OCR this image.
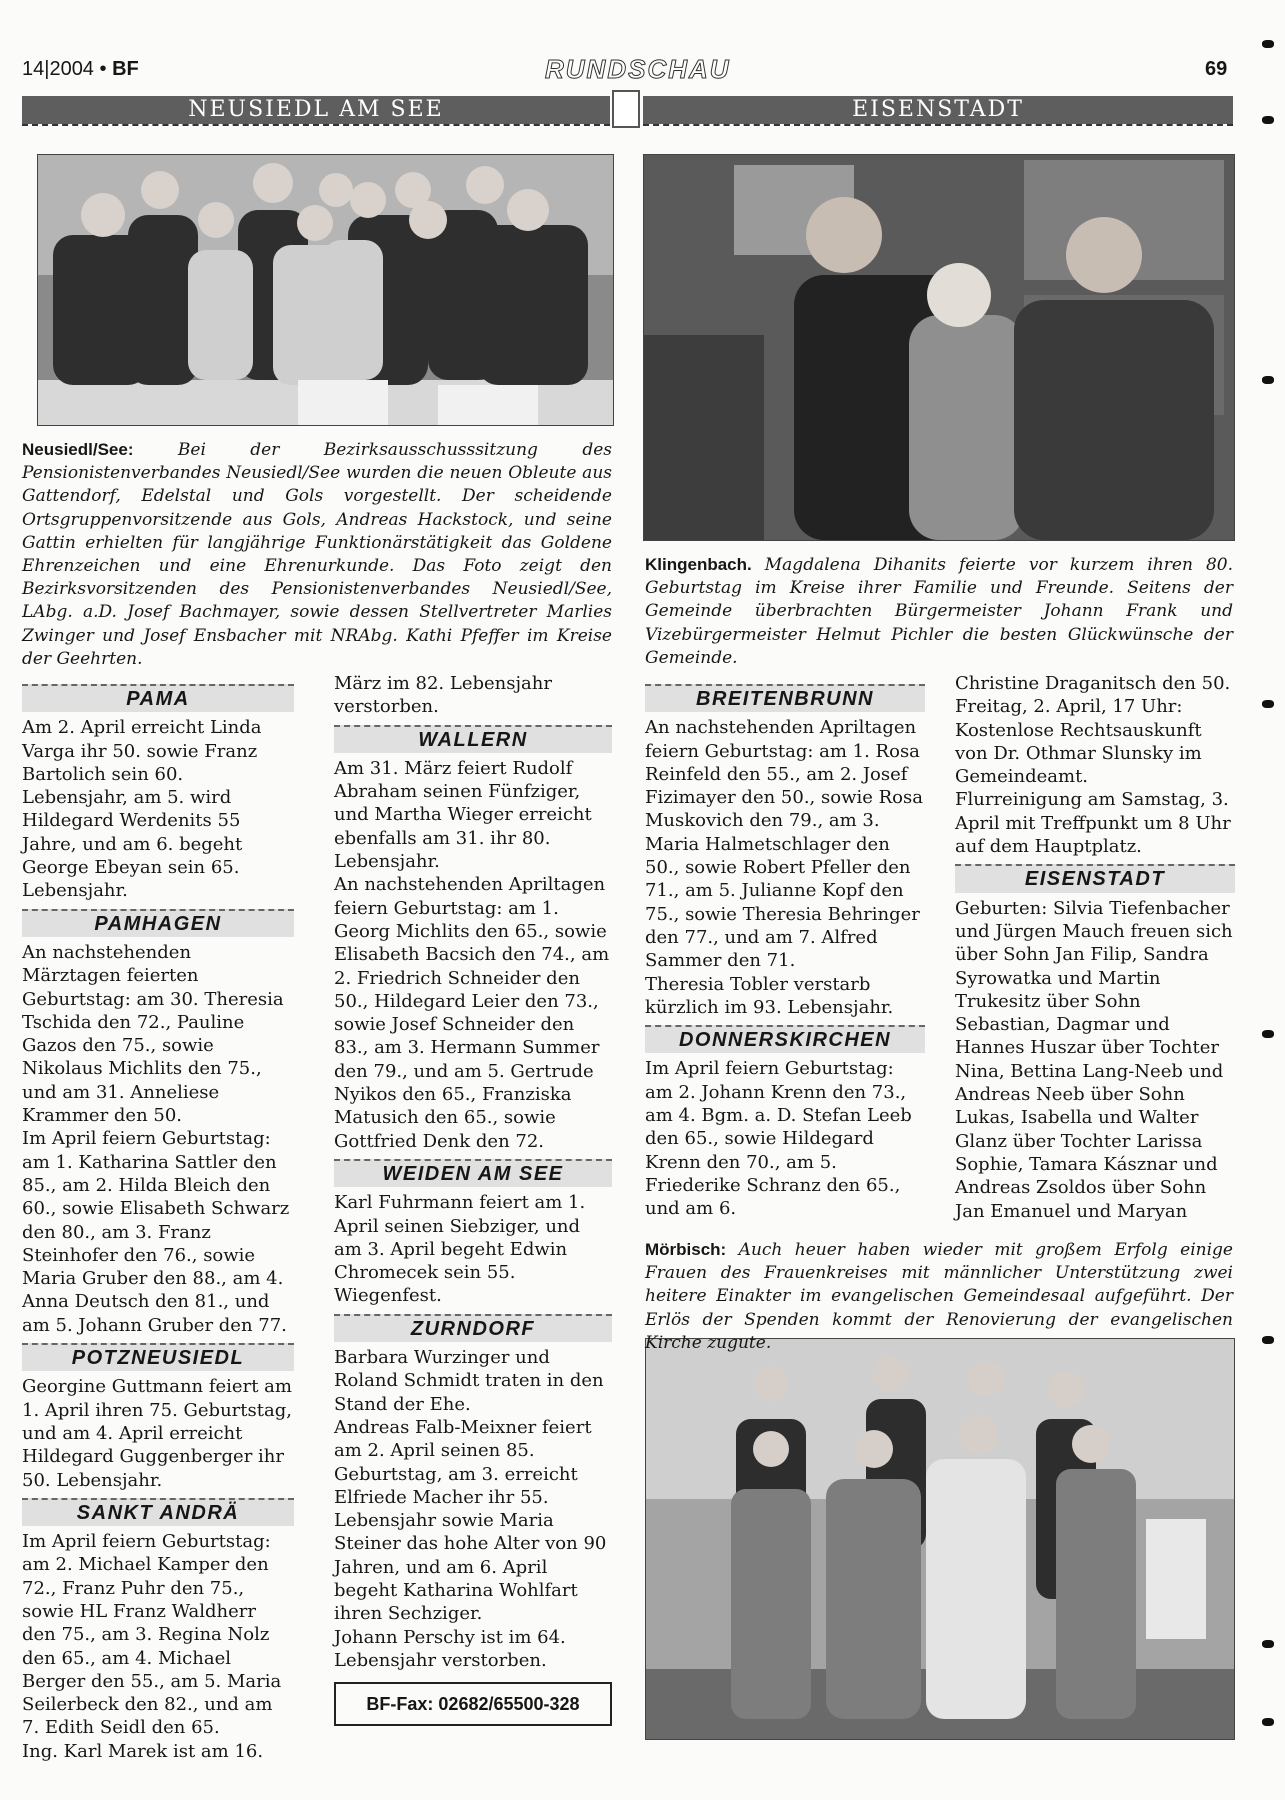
14|2004 • BF	RUNDSCHAU	69
NEUSIEDL AM SEE	EISENSTADT
Neusiedl/See: Bei der Bezirksausschusssitzung des Pensionistenverbandes Neusiedl/See wurden die neuen Obleute aus Gattendorf, Edelstal und Gols vorgestellt. Der scheidende Ortsgruppenvorsitzende aus Gols, Andreas Hackstock, und seine Gattin erhielten für langjährige Funktionärstätigkeit das Goldene Ehrenzeichen und eine Ehrenurkunde. Das Foto zeigt den Bezirksvorsitzenden des Pensionistenverbandes Neusiedl/See, LAbg. a.D. Josef Bachmayer, sowie dessen Stellvertreter Marlies Zwinger und Josef Ensbacher mit NRAbg. Kathi Pfeffer im Kreise der Geehrten.
Klingenbach. Magdalena Dihanits feierte vor kurzem ihren 80. Geburtstag im Kreise ihrer Familie und Freunde. Seitens der Gemeinde überbrachten Bürgermeister Johann Frank und Vizebürgermeister Helmut Pichler die besten Glückwünsche der Gemeinde.
Mörbisch: Auch heuer haben wieder mit großem Erfolg einige Frauen des Frauenkreises mit männlicher Unterstützung zwei heitere Einakter im evangelischen Gemeindesaal aufgeführt. Der Erlös der Spenden kommt der Renovierung der evangelischen Kirche zugute.
PAMA

Am 2. April erreicht Linda Varga ihr 50. sowie Franz Bartolich sein 60. Lebensjahr, am 5. wird Hildegard Werdenits 55 Jahre, und am 6. begeht George Ebeyan sein 65. Lebensjahr.

PAMHAGEN

An nachstehenden Märztagen feierten Geburtstag: am 30. Theresia Tschida den 72., Pauline Gazos den 75., sowie Nikolaus Michlits den 75., und am 31. Anneliese Krammer den 50.

Im April feiern Geburtstag: am 1. Katharina Sattler den 85., am 2. Hilda Bleich den 60., sowie Elisabeth Schwarz den 80., am 3. Franz Steinhofer den 76., sowie Maria Gruber den 88., am 4. Anna Deutsch den 81., und am 5. Johann Gruber den 77.

POTZNEUSIEDL

Georgine Guttmann feiert am 1. April ihren 75. Geburtstag, und am 4. April erreicht Hildegard Guggenberger ihr 50. Lebensjahr.

SANKT ANDRÄ

Im April feiern Geburtstag: am 2. Michael Kamper den 72., Franz Puhr den 75., sowie HL Franz Waldherr den 75., am 3. Regina Nolz den 65., am 4. Michael Berger den 55., am 5. Maria Seilerbeck den 82., und am 7. Edith Seidl den 65.

Ing. Karl Marek ist am 16.

März im 82. Lebensjahr verstorben.

WALLERN

Am 31. März feiert Rudolf Abraham seinen Fünfziger, und Martha Wieger erreicht ebenfalls am 31. ihr 80. Lebensjahr.

An nachstehenden Apriltagen feiern Geburtstag: am 1. Georg Michlits den 65., sowie Elisabeth Bacsich den 74., am 2. Friedrich Schneider den 50., Hildegard Leier den 73., sowie Josef Schneider den 83., am 3. Hermann Summer den 79., und am 5. Gertrude Nyikos den 65., Franziska Matusich den 65., sowie Gottfried Denk den 72.

WEIDEN AM SEE

Karl Fuhrmann feiert am 1. April seinen Siebziger, und am 3. April begeht Edwin Chromecek sein 55. Wiegenfest.

ZURNDORF

Barbara Wurzinger und Roland Schmidt traten in den Stand der Ehe.

Andreas Falb-Meixner feiert am 2. April seinen 85. Geburtstag, am 3. erreicht Elfriede Macher ihr 55. Lebensjahr sowie Maria Steiner das hohe Alter von 90 Jahren, und am 6. April begeht Katharina Wohlfart ihren Sechziger.

Johann Perschy ist im 64. Lebensjahr verstorben.

BF-Fax: 02682/65500-328
BREITENBRUNN

An nachstehenden Apriltagen feiern Geburtstag: am 1. Rosa Reinfeld den 55., am 2. Josef Fizimayer den 50., sowie Rosa Muskovich den 79., am 3. Maria Halmetschlager den 50., sowie Robert Pfeller den 71., am 5. Julianne Kopf den 75., sowie Theresia Behringer den 77., und am 7. Alfred Sammer den 71.

Theresia Tobler verstarb kürzlich im 93. Lebensjahr.

DONNERSKIRCHEN

Im April feiern Geburtstag: am 2. Johann Krenn den 73., am 4. Bgm. a. D. Stefan Leeb den 65., sowie Hildegard Krenn den 70., am 5. Friederike Schranz den 65., und am 6.

Christine Draganitsch den 50.

Freitag, 2. April, 17 Uhr: Kostenlose Rechtsauskunft von Dr. Othmar Slunsky im Gemeindeamt.

Flurreinigung am Samstag, 3. April mit Treffpunkt um 8 Uhr auf dem Hauptplatz.

EISENSTADT

Geburten: Silvia Tiefenbacher und Jürgen Mauch freuen sich über Sohn Jan Filip, Sandra Syrowatka und Martin Trukesitz über Sohn Sebastian, Dagmar und Hannes Huszar über Tochter Nina, Bettina Lang-Neeb und Andreas Neeb über Sohn Lukas, Isabella und Walter Glanz über Tochter Larissa Sophie, Tamara Kásznar und Andreas Zsoldos über Sohn Jan Emanuel und Maryan
